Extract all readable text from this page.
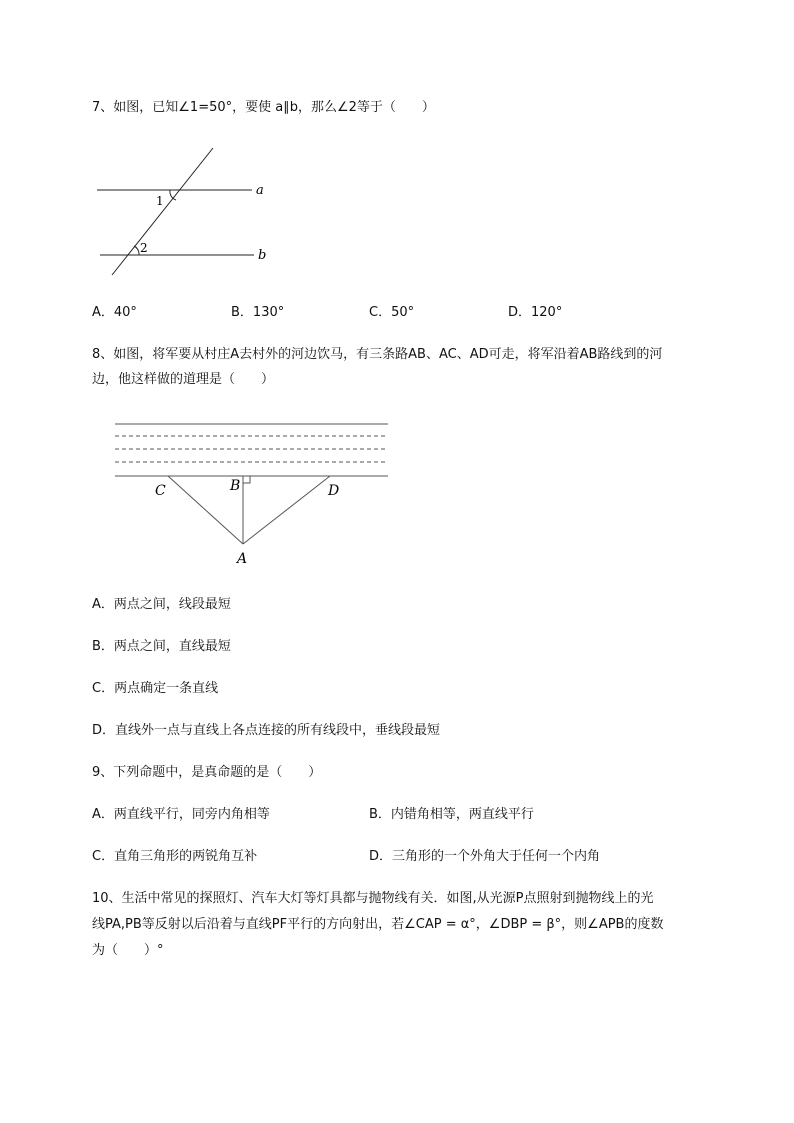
7、如图，已知∠1=50°，要使 a∥b，那么∠2等于（　　）
a
b
1
2
A．40°	B．130°	C．50°	D．120°
8、如图，将军要从村庄A去村外的河边饮马，有三条路AB、AC、AD可走，将军沿着AB路线到的河
边，他这样做的道理是（　　）
C	B	D
A
A．两点之间，线段最短
B．两点之间，直线最短
C．两点确定一条直线
D．直线外一点与直线上各点连接的所有线段中，垂线段最短
9、下列命题中，是真命题的是（　　）
A．两直线平行，同旁内角相等	B．内错角相等，两直线平行
C．直角三角形的两锐角互补	D．三角形的一个外角大于任何一个内角
10、生活中常见的探照灯、汽车大灯等灯具都与抛物线有关．如图,从光源P点照射到抛物线上的光
线PA,PB等反射以后沿着与直线PF平行的方向射出，若∠CAP = α°，∠DBP = β°，则∠APB的度数
为（　　）°
